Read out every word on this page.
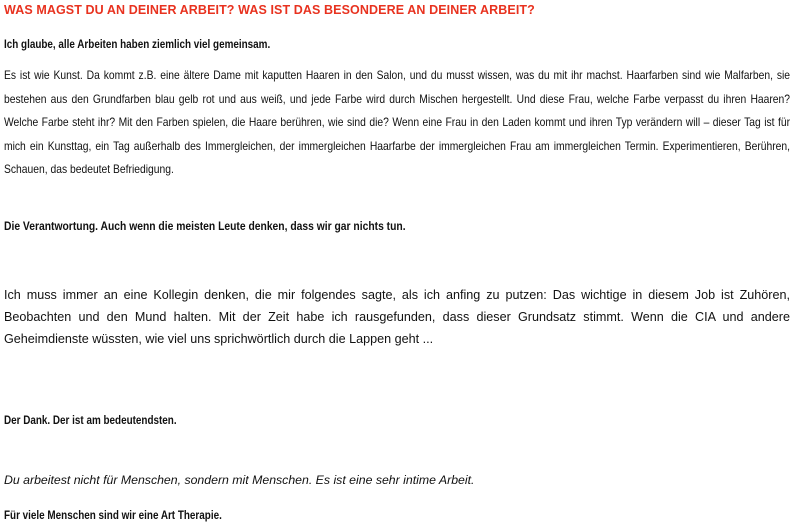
WAS MAGST DU AN DEINER ARBEIT? WAS IST DAS BESONDERE AN DEINER ARBEIT?

Ich glaube, alle Arbeiten haben ziemlich viel gemeinsam.

Es ist wie Kunst. Da kommt z.B. eine ältere Dame mit kaputten Haaren in den Salon, und du musst wissen, was du mit ihr machst. Haarfarben sind wie Malfarben, sie bestehen aus den Grundfarben blau gelb rot und aus weiß, und jede Farbe wird durch Mischen hergestellt. Und diese Frau, welche Farbe verpasst du ihren Haaren? Welche Farbe steht ihr? Mit den Farben spielen, die Haare berühren, wie sind die? Wenn eine Frau in den Laden kommt und ihren Typ verändern will – dieser Tag ist für mich ein Kunsttag, ein Tag außerhalb des Immergleichen, der immergleichen Haarfarbe der immergleichen Frau am immergleichen Termin. Experimentieren, Berühren, Schauen, das bedeutet Befriedigung.

Die Verantwortung. Auch wenn die meisten Leute denken, dass wir gar nichts tun.

Ich muss immer an eine Kollegin denken, die mir folgendes sagte, als ich anfing zu putzen: Das wichtige in diesem Job ist Zuhören, Beobachten und den Mund halten. Mit der Zeit habe ich rausgefunden, dass dieser Grundsatz stimmt. Wenn die CIA und andere Geheimdienste wüssten, wie viel uns sprichwörtlich durch die Lappen geht ...

Der Dank. Der ist am bedeutendsten.

Du arbeitest nicht für Menschen, sondern mit Menschen. Es ist eine sehr intime Arbeit.

Für viele Menschen sind wir eine Art Therapie.
